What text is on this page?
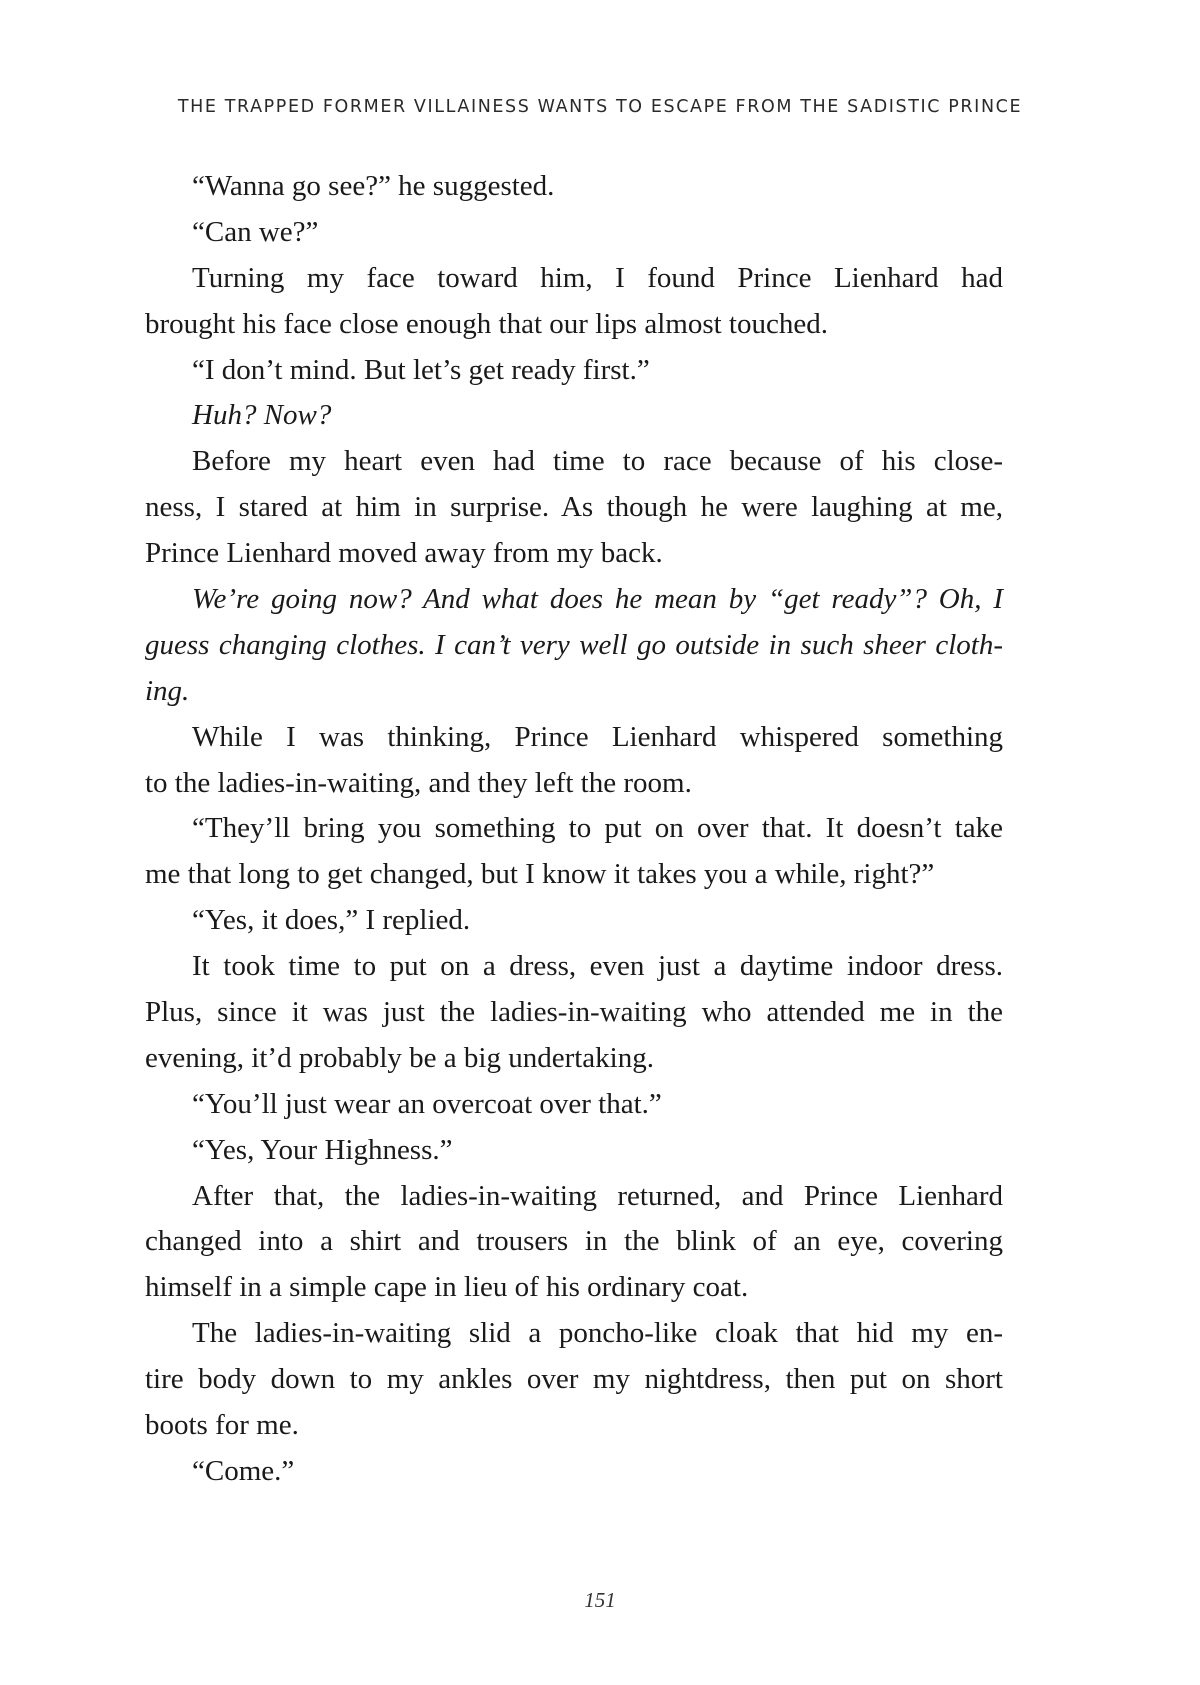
THE TRAPPED FORMER VILLAINESS WANTS TO ESCAPE FROM THE SADISTIC PRINCE
“Wanna go see?” he suggested.
“Can we?”
Turning my face toward him, I found Prince Lienhard had
brought his face close enough that our lips almost touched.
“I don’t mind. But let’s get ready first.”
Huh? Now?
Before my heart even had time to race because of his close-
ness, I stared at him in surprise. As though he were laughing at me,
Prince Lienhard moved away from my back.
We’re going now? And what does he mean by “get ready”? Oh, I
guess changing clothes. I can’t very well go outside in such sheer cloth-
ing.
While I was thinking, Prince Lienhard whispered something
to the ladies-in-waiting, and they left the room.
“They’ll bring you something to put on over that. It doesn’t take
me that long to get changed, but I know it takes you a while, right?”
“Yes, it does,” I replied.
It took time to put on a dress, even just a daytime indoor dress.
Plus, since it was just the ladies-in-waiting who attended me in the
evening, it’d probably be a big undertaking.
“You’ll just wear an overcoat over that.”
“Yes, Your Highness.”
After that, the ladies-in-waiting returned, and Prince Lienhard
changed into a shirt and trousers in the blink of an eye, covering
himself in a simple cape in lieu of his ordinary coat.
The ladies-in-waiting slid a poncho-like cloak that hid my en-
tire body down to my ankles over my nightdress, then put on short
boots for me.
“Come.”
151
